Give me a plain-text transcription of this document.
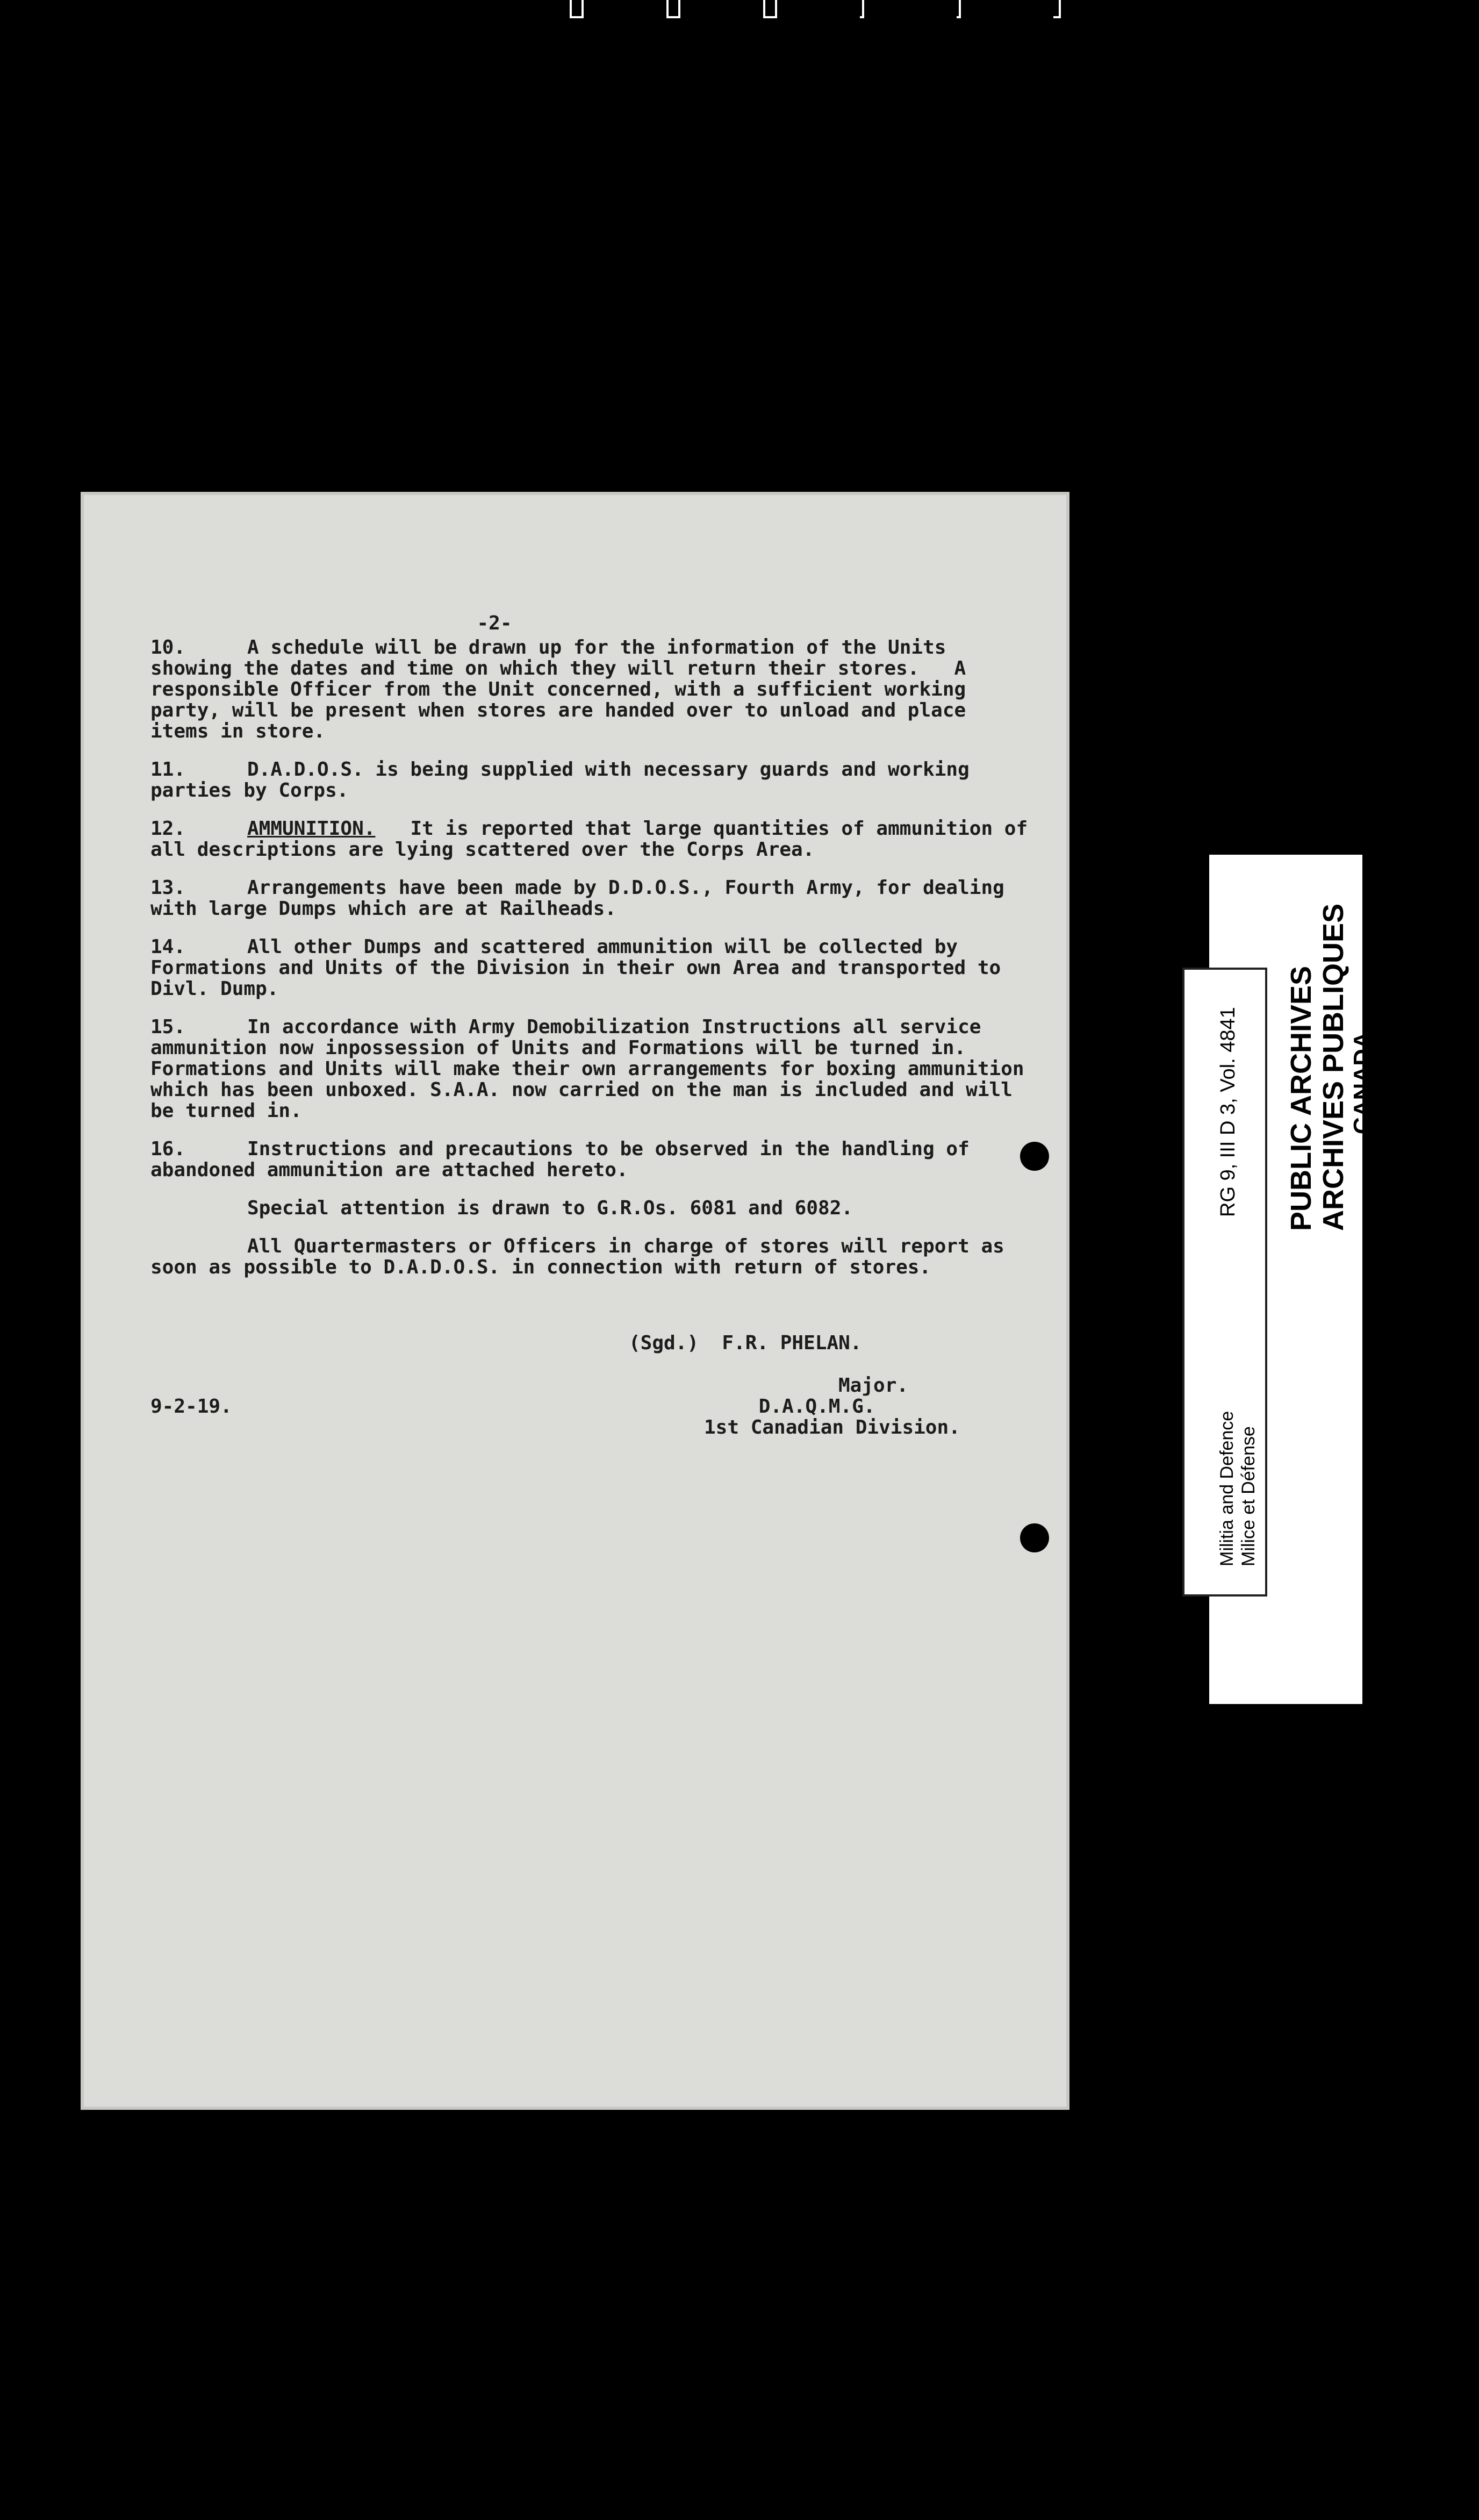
-2-
10.	A schedule will be drawn up for the information of the Units showing the dates and time on which they will return their stores.   A responsible Officer from the Unit concerned, with a sufficient working party, will be present when stores are handed over to unload and place items in store.
11.	D.A.D.O.S. is being supplied with necessary guards and working parties by Corps.
12.	AMMUNITION.   It is reported that large quantities of ammunition of all descriptions are lying scattered over the Corps Area.
13.	Arrangements have been made by D.D.O.S., Fourth Army, for dealing with large Dumps which are at Railheads.
14.	All other Dumps and scattered ammunition will be collected by Formations and Units of the Division in their own Area and transported to Divl. Dump.
15.	In accordance with Army Demobilization Instructions all service ammunition now inpossession of Units and Formations will be turned in. Formations and Units will make their own arrangements for boxing ammunition which has been unboxed. S.A.A. now carried on the man is included and will be turned in.
16.	Instructions and precautions to be observed in the handling of abandoned ammunition are attached hereto.
Special attention is drawn to G.R.Os. 6081 and 6082.
All Quartermasters or Officers in charge of stores will report as soon as possible to D.A.D.O.S. in connection with return of stores.
(Sgd.)  F.R. PHELAN.
Major.
9-2-19.	D.A.Q.M.G.
1st Canadian Division.
PUBLIC ARCHIVES ARCHIVES PUBLIQUES CANADA
RG 9, III D 3, Vol. 4841
Militia and Defence Milice et Défense
